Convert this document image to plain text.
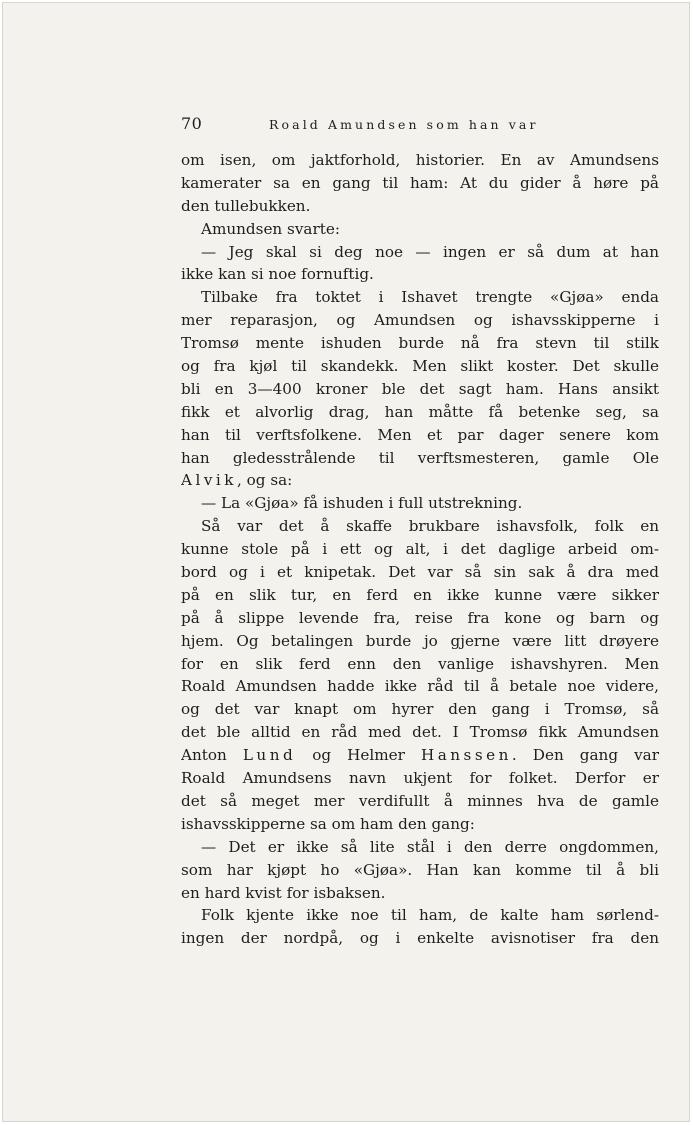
70	Roald Amundsen som han var
om isen, om jaktforhold, historier. En av Amundsens
kamerater sa en gang til ham: At du gider å høre på
den tullebukken.
Amundsen svarte:
— Jeg skal si deg noe — ingen er så dum at han
ikke kan si noe fornuftig.
Tilbake fra toktet i Ishavet trengte «Gjøa» enda
mer reparasjon, og Amundsen og ishavsskipperne i
Tromsø mente ishuden burde nå fra stevn til stilk
og fra kjøl til skandekk. Men slikt koster. Det skulle
bli en 3—400 kroner ble det sagt ham. Hans ansikt
fikk et alvorlig drag, han måtte få betenke seg, sa
han til verftsfolkene. Men et par dager senere kom
han gledesstrålende til verftsmesteren, gamle Ole
Alvik, og sa:
— La «Gjøa» få ishuden i full utstrekning.
Så var det å skaffe brukbare ishavsfolk, folk en
kunne stole på i ett og alt, i det daglige arbeid om-
bord og i et knipetak. Det var så sin sak å dra med
på en slik tur, en ferd en ikke kunne være sikker
på å slippe levende fra, reise fra kone og barn og
hjem. Og betalingen burde jo gjerne være litt drøyere
for en slik ferd enn den vanlige ishavshyren. Men
Roald Amundsen hadde ikke råd til å betale noe videre,
og det var knapt om hyrer den gang i Tromsø, så
det ble alltid en råd med det. I Tromsø fikk Amundsen
Anton Lund og Helmer Hanssen. Den gang var
Roald Amundsens navn ukjent for folket. Derfor er
det så meget mer verdifullt å minnes hva de gamle
ishavsskipperne sa om ham den gang:
— Det er ikke så lite stål i den derre ongdommen,
som har kjøpt ho «Gjøa». Han kan komme til å bli
en hard kvist for isbaksen.
Folk kjente ikke noe til ham, de kalte ham sørlend-
ingen der nordpå, og i enkelte avisnotiser fra den
